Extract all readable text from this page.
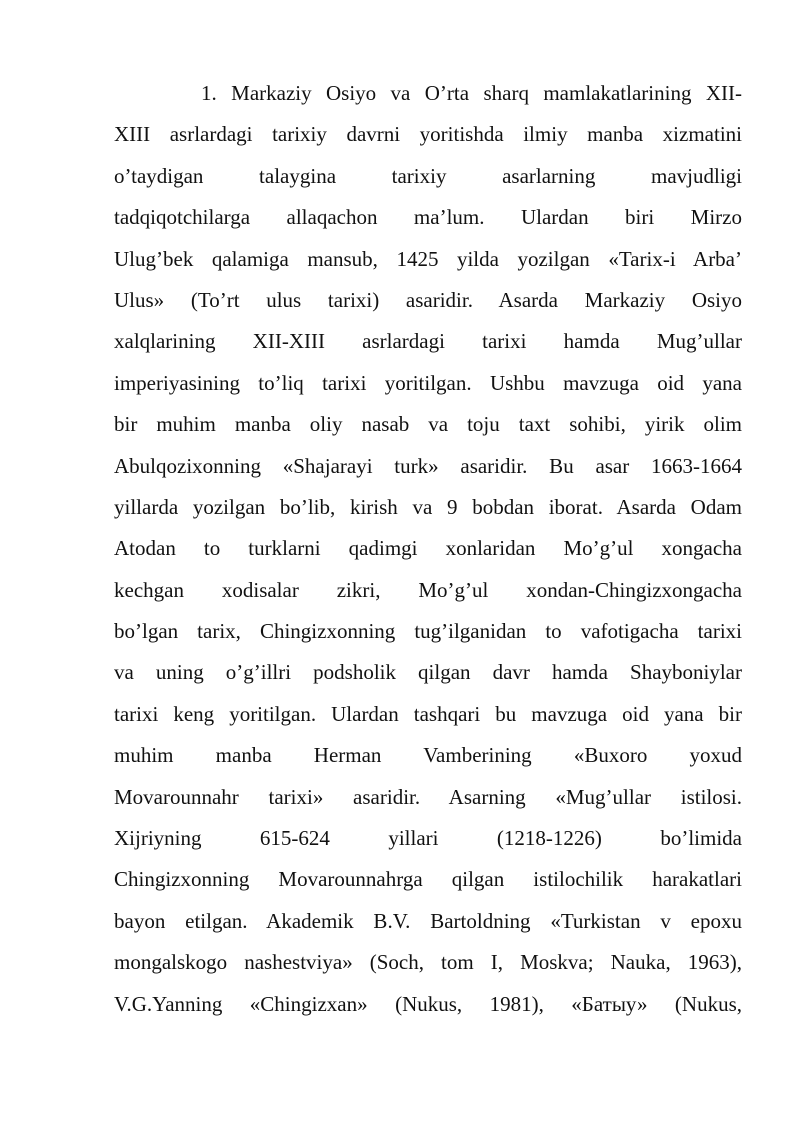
1. Markaziy Osiyo va O’rta sharq mamlakatlarining XII-
XIII asrlardagi tarixiy davrni yoritishda ilmiy manba xizmatini
o’taydigan talaygina tarixiy asarlarning mavjudligi
tadqiqotchilarga allaqachon ma’lum. Ulardan biri Mirzo
Ulug’bek qalamiga mansub, 1425 yilda yozilgan «Tarix-i Arba’
Ulus» (To’rt ulus tarixi) asaridir. Asarda Markaziy Osiyo
xalqlarining XII-XIII asrlardagi tarixi hamda Mug’ullar
imperiyasining to’liq tarixi yoritilgan. Ushbu mavzuga oid yana
bir muhim manba oliy nasab va toju taxt sohibi, yirik olim
Abulqozixonning «Shajarayi turk» asaridir. Bu asar 1663-1664
yillarda yozilgan bo’lib, kirish va 9 bobdan iborat. Asarda Odam
Atodan to turklarni qadimgi xonlaridan Mo’g’ul xongacha
kechgan xodisalar zikri, Mo’g’ul xondan-Chingizxongacha
bo’lgan tarix, Chingizxonning tug’ilganidan to vafotigacha tarixi
va uning o’g’illri podsholik qilgan davr hamda Shayboniylar
tarixi keng yoritilgan. Ulardan tashqari bu mavzuga oid yana bir
muhim manba Herman Vamberining «Buxoro yoxud
Movarounnahr tarixi» asaridir. Asarning «Mug’ullar istilosi.
Xijriyning 615-624 yillari (1218-1226) bo’limida
Chingizxonning Movarounnahrga qilgan istilochilik harakatlari
bayon etilgan. Akademik B.V. Bartoldning «Turkistan v epoxu
mongalskogo nashestviya» (Soch, tom I, Moskva; Nauka, 1963),
V.G.Yanning «Chingizxan» (Nukus, 1981), «Батыу» (Nukus,
